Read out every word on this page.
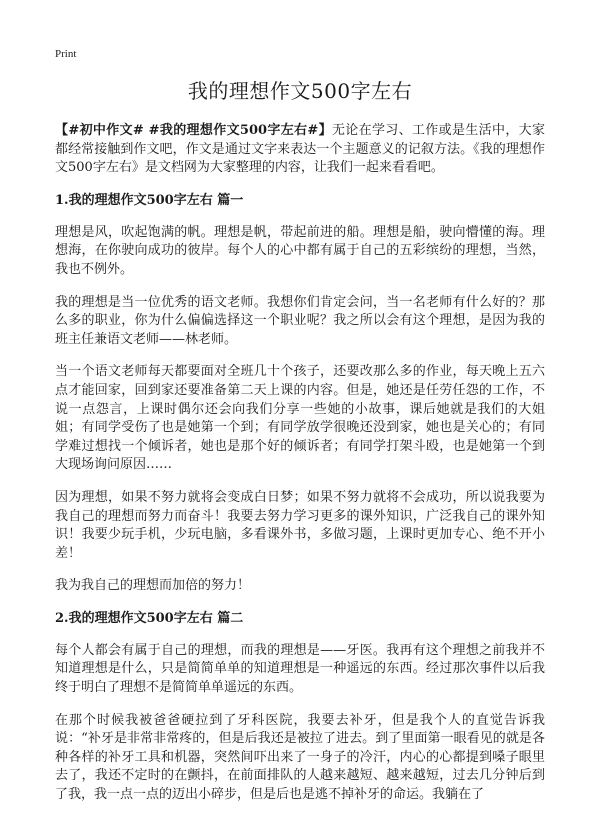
Print
我的理想作文500字左右

【#初中作文# #我的理想作文500字左右#】无论在学习、工作或是生活中，大家都经常接触到作文吧，作文是通过文字来表达一个主题意义的记叙方法。《我的理想作文500字左右》是文档网为大家整理的内容，让我们一起来看看吧。

1.我的理想作文500字左右 篇一

理想是风，吹起饱满的帆。理想是帆，带起前进的船。理想是船，驶向懵懂的海。理想海，在你驶向成功的彼岸。每个人的心中都有属于自己的五彩缤纷的理想，当然，我也不例外。

我的理想是当一位优秀的语文老师。我想你们肯定会问，当一名老师有什么好的？那么多的职业，你为什么偏偏选择这一个职业呢？我之所以会有这个理想，是因为我的班主任兼语文老师——林老师。

当一个语文老师每天都要面对全班几十个孩子，还要改那么多的作业，每天晚上五六点才能回家，回到家还要准备第二天上课的内容。但是，她还是任劳任怨的工作，不说一点怨言，上课时偶尔还会向我们分享一些她的小故事，课后她就是我们的大姐姐；有同学受伤了也是她第一个到；有同学放学很晚还没到家，她也是关心的；有同学难过想找一个倾诉者，她也是那个好的倾诉者；有同学打架斗殴，也是她第一个到大现场询问原因……

因为理想，如果不努力就将会变成白日梦；如果不努力就将不会成功，所以说我要为我自己的理想而努力而奋斗！我要去努力学习更多的课外知识，广泛我自己的课外知识！我要少玩手机，少玩电脑，多看课外书，多做习题，上课时更加专心、绝不开小差！

我为我自己的理想而加倍的努力！

2.我的理想作文500字左右 篇二

每个人都会有属于自己的理想，而我的理想是——牙医。我再有这个理想之前我并不知道理想是什么，只是简简单单的知道理想是一种遥远的东西。经过那次事件以后我终于明白了理想不是简简单单遥远的东西。

在那个时候我被爸爸硬拉到了牙科医院，我要去补牙，但是我个人的直觉告诉我说：“补牙是非常非常疼的，但是后我还是被拉了进去。到了里面第一眼看见的就是各种各样的补牙工具和机器，突然间吓出来了一身子的冷汗，内心的心都提到嗓子眼里去了，我还不定时的在颤抖，在前面排队的人越来越短、越来越短，过去几分钟后到了我，我一点一点的迈出小碎步，但是后也是逃不掉补牙的命运。我躺在了
